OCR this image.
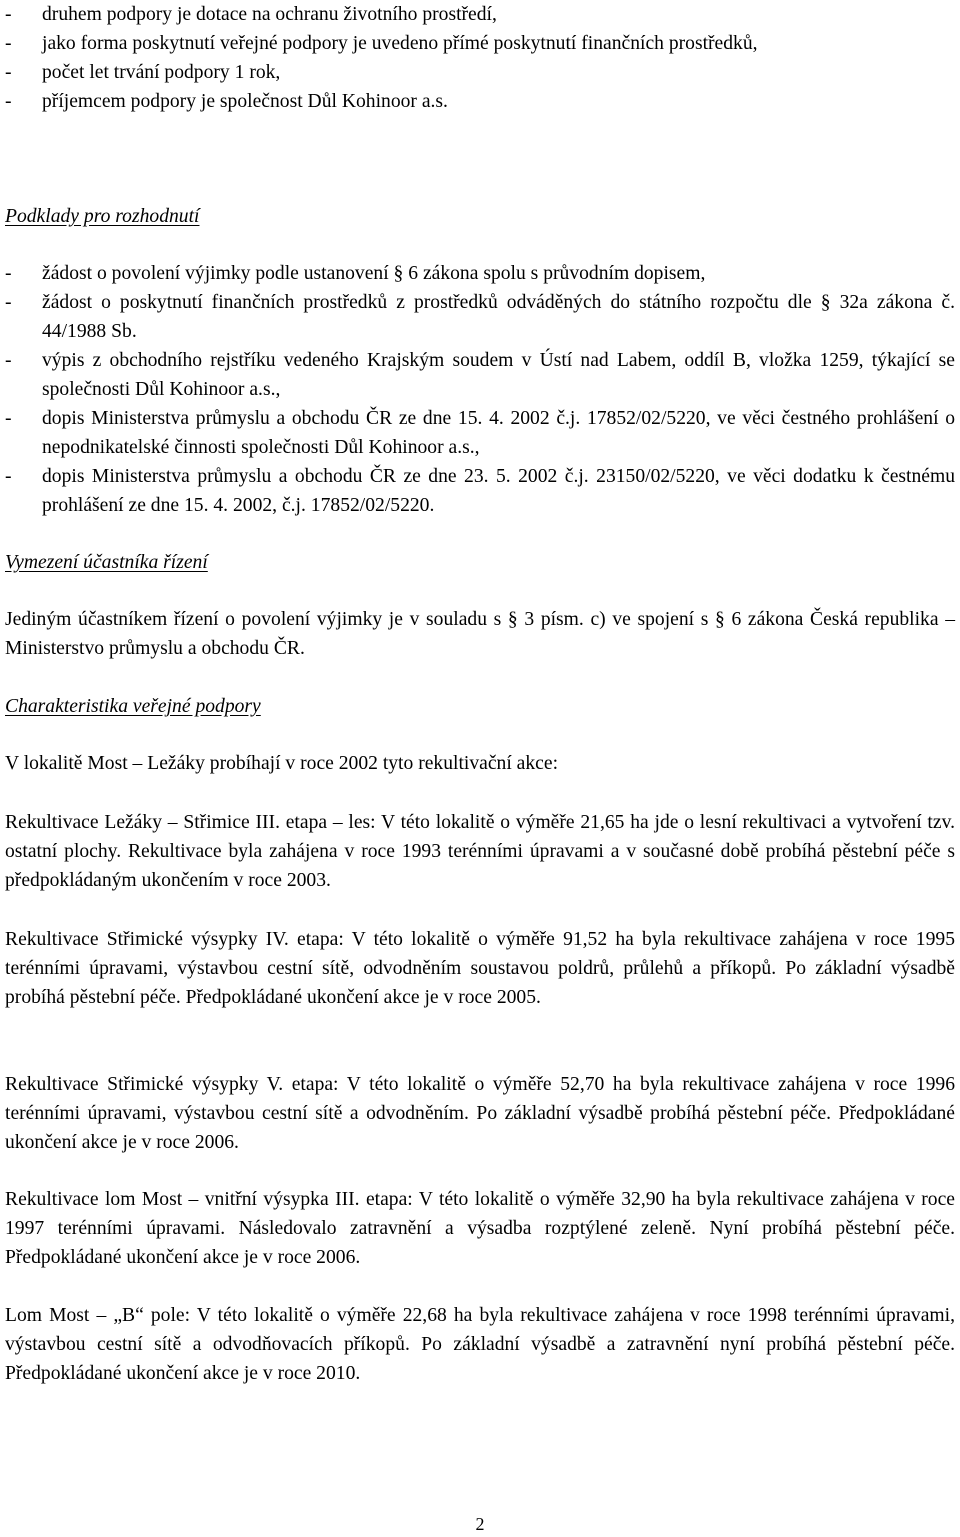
- druhem podpory je dotace na ochranu životního prostředí,
- jako forma poskytnutí veřejné podpory je uvedeno přímé poskytnutí finančních prostředků,
- počet let trvání podpory 1 rok,
- příjemcem podpory je společnost Důl Kohinoor a.s.
Podklady pro rozhodnutí
- žádost o povolení výjimky podle ustanovení § 6 zákona spolu s průvodním dopisem,
- žádost o poskytnutí finančních prostředků z prostředků odváděných do státního rozpočtu dle § 32a zákona č. 44/1988 Sb.
- výpis z obchodního rejstříku vedeného Krajským soudem v Ústí nad Labem, oddíl B, vložka 1259, týkající se společnosti Důl Kohinoor a.s.,
- dopis Ministerstva průmyslu a obchodu ČR ze dne 15. 4. 2002 č.j. 17852/02/5220, ve věci čestného prohlášení o nepodnikatelské činnosti společnosti Důl Kohinoor a.s.,
- dopis Ministerstva průmyslu a obchodu ČR ze dne 23. 5. 2002 č.j. 23150/02/5220, ve věci dodatku k čestnému prohlášení ze dne 15. 4. 2002, č.j. 17852/02/5220.
Vymezení účastníka řízení
Jediným účastníkem řízení o povolení výjimky je v souladu s § 3 písm. c) ve spojení s § 6 zákona Česká republika – Ministerstvo průmyslu a obchodu ČR.
Charakteristika veřejné podpory
V lokalitě Most – Ležáky probíhají v roce 2002 tyto rekultivační akce:
Rekultivace Ležáky – Střimice III. etapa – les: V této lokalitě o výměře 21,65 ha jde o lesní rekultivaci a vytvoření tzv. ostatní plochy. Rekultivace byla zahájena v roce 1993 terénními úpravami a v současné době probíhá pěstební péče s předpokládaným ukončením v roce 2003.
Rekultivace Střimické výsypky IV. etapa: V této lokalitě o výměře 91,52 ha byla rekultivace zahájena v roce 1995 terénními úpravami, výstavbou cestní sítě, odvodněním soustavou poldrů, průlehů a příkopů. Po základní výsadbě probíhá pěstební péče. Předpokládané ukončení akce je v roce 2005.
Rekultivace Střimické výsypky V. etapa: V této lokalitě o výměře 52,70 ha byla rekultivace zahájena v roce 1996 terénními úpravami, výstavbou cestní sítě a odvodněním. Po základní výsadbě probíhá pěstební péče. Předpokládané ukončení akce je v roce 2006.
Rekultivace lom Most – vnitřní výsypka III. etapa: V této lokalitě o výměře 32,90 ha byla rekultivace zahájena v roce 1997 terénními úpravami. Následovalo zatravnění a výsadba rozptýlené zeleně. Nyní probíhá pěstební péče. Předpokládané ukončení akce je v roce 2006.
Lom Most – „B“ pole: V této lokalitě o výměře 22,68 ha byla rekultivace zahájena v roce 1998 terénními úpravami, výstavbou cestní sítě a odvodňovacích příkopů. Po základní výsadbě a zatravnění nyní probíhá pěstební péče. Předpokládané ukončení akce je v roce 2010.
2
